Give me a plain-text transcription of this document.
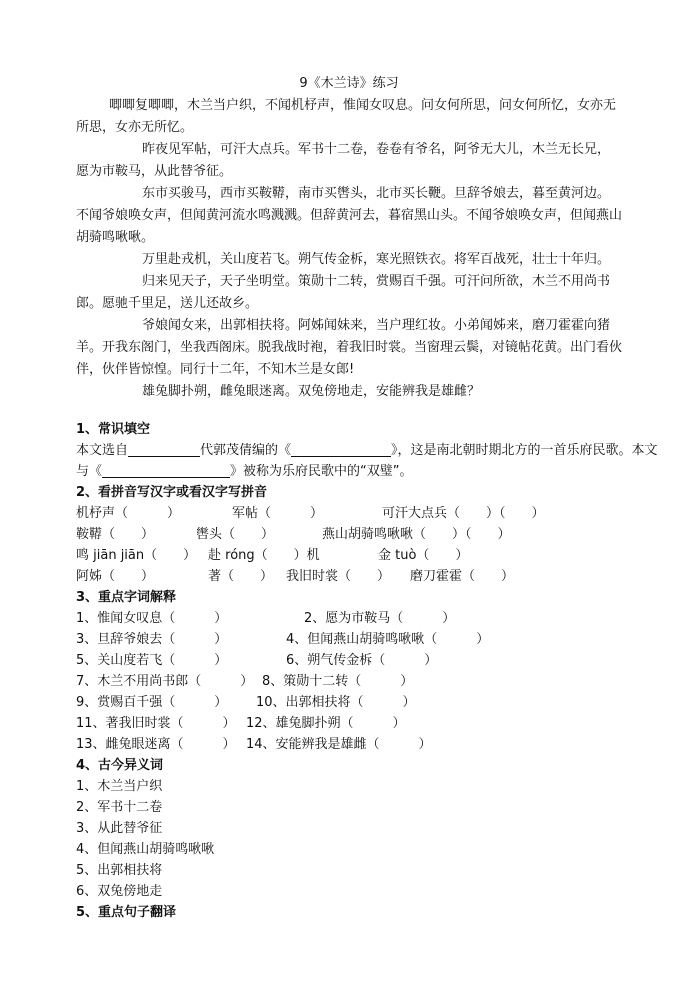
9《木兰诗》练习

唧唧复唧唧，木兰当户织，不闻机杼声，惟闻女叹息。问女何所思，问女何所忆，女亦无所思，女亦无所忆。

昨夜见军帖，可汗大点兵。军书十二卷，卷卷有爷名，阿爷无大儿，木兰无长兄，愿为市鞍马，从此替爷征。

东市买骏马，西市买鞍鞯，南市买辔头，北市买长鞭。旦辞爷娘去，暮至黄河边。不闻爷娘唤女声，但闻黄河流水鸣溅溅。但辞黄河去，暮宿黑山头。不闻爷娘唤女声，但闻燕山胡骑鸣啾啾。

万里赴戎机，关山度若飞。朔气传金柝，寒光照铁衣。将军百战死，壮士十年归。

归来见天子，天子坐明堂。策勋十二转，赏赐百千强。可汗问所欲，木兰不用尚书郎。愿驰千里足，送儿还故乡。

爷娘闻女来，出郭相扶将。阿姊闻妹来，当户理红妆。小弟闻姊来，磨刀霍霍向猪羊。开我东阁门，坐我西阁床。脱我战时袍，着我旧时裳。当窗理云鬓，对镜帖花黄。出门看伙伴，伙伴皆惊惶。同行十二年，不知木兰是女郎!

雄兔脚扑朔，雌兔眼迷离。双兔傍地走，安能辨我是雄雌？

1、常识填空
本文选自	代郭茂倩编的《	》，这是南北朝时期北方的一首乐府民歌。本文
与《	》被称为乐府民歌中的“双璧”。
2、看拼音写汉字或看汉字写拼音
机杼声（　　　）	军帖（　　　）	可汗大点兵（　　）（　　）
鞍鞯（　　）	辔头（　　）	燕山胡骑鸣啾啾（　　）（　　）
鸣 jiān jiān（　　） 赴 róng（　　）机	金 tuò（　　）
阿姊（　　）	著（　　） 我旧时裳（　　）	磨刀霍霍（　　）
3、重点字词解释
1、惟闻女叹息（　　　）	2、愿为市鞍马（　　　）
3、旦辞爷娘去（　　　）	4、但闻燕山胡骑鸣啾啾（　　　）
5、关山度若飞（　　　）	6、朔气传金柝（　　　）
7、木兰不用尚书郎（　　　） 8、策勋十二转（　　　）
9、赏赐百千强（　　　）	10、出郭相扶将（　　　）
11、著我旧时裳（　　　） 12、雄兔脚扑朔（　　　）
13、雌兔眼迷离（　　　） 14、安能辨我是雄雌（　　　）
4、古今异义词
1、木兰当户织
2、军书十二卷
3、从此替爷征
4、但闻燕山胡骑鸣啾啾
5、出郭相扶将
6、双兔傍地走
5、重点句子翻译
